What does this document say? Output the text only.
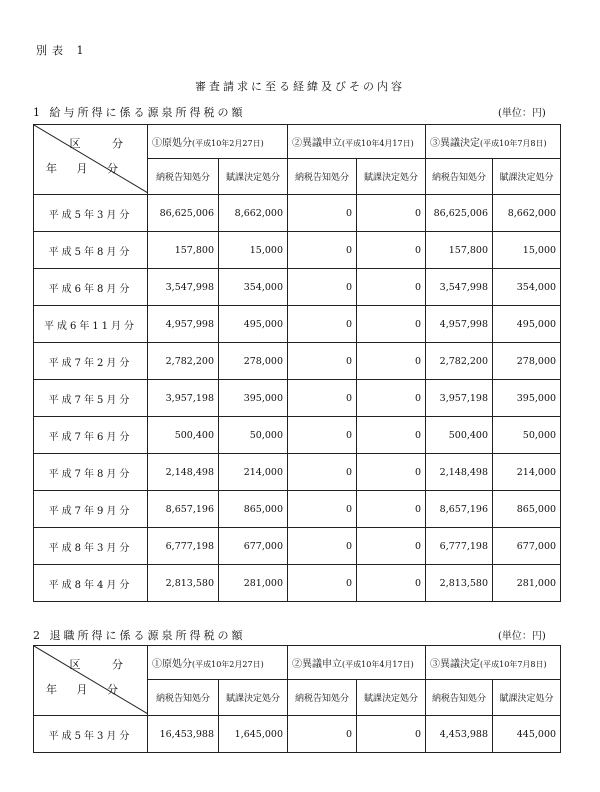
別表 1
審査請求に至る経緯及びその内容
1 給与所得に係る源泉所得税の額	(単位：円)
区 分
年 月 分	①原処分(平成10年2月27日)		②異議申立(平成10年4月17日)		③異議決定(平成10年7月8日)	
	納税告知処分	賦課決定処分	納税告知処分	賦課決定処分	納税告知処分	賦課決定処分
平成5年3月分	86,625,006	8,662,000	0	0	86,625,006	8,662,000
平成5年8月分	157,800	15,000	0	0	157,800	15,000
平成6年8月分	3,547,998	354,000	0	0	3,547,998	354,000
平成6年11月分	4,957,998	495,000	0	0	4,957,998	495,000
平成7年2月分	2,782,200	278,000	0	0	2,782,200	278,000
平成7年5月分	3,957,198	395,000	0	0	3,957,198	395,000
平成7年6月分	500,400	50,000	0	0	500,400	50,000
平成7年8月分	2,148,498	214,000	0	0	2,148,498	214,000
平成7年9月分	8,657,196	865,000	0	0	8,657,196	865,000
平成8年3月分	6,777,198	677,000	0	0	6,777,198	677,000
平成8年4月分	2,813,580	281,000	0	0	2,813,580	281,000
2 退職所得に係る源泉所得税の額	(単位：円)
区 分
年 月 分	①原処分(平成10年2月27日)		②異議申立(平成10年4月17日)		③異議決定(平成10年7月8日)	
	納税告知処分	賦課決定処分	納税告知処分	賦課決定処分	納税告知処分	賦課決定処分
平成5年3月分	16,453,988	1,645,000	0	0	4,453,988	445,000
